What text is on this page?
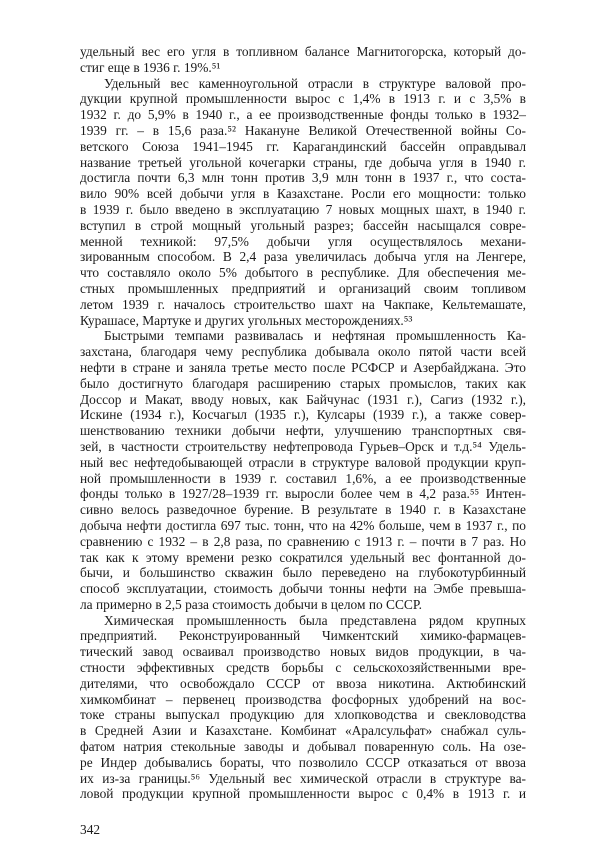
удельный вес его угля в топливном балансе Магнитогорска, который до-
стиг еще в 1936 г. 19%.⁵¹
Удельный вес каменноугольной отрасли в структуре валовой про-
дукции крупной промышленности вырос с 1,4% в 1913 г. и с 3,5% в
1932 г. до 5,9% в 1940 г., а ее производственные фонды только в 1932–
1939 гг. – в 15,6 раза.⁵² Накануне Великой Отечественной войны Со-
ветского Союза 1941–1945 гг. Карагандинский бассейн оправдывал
название третьей угольной кочегарки страны, где добыча угля в 1940 г.
достигла почти 6,3 млн тонн против 3,9 млн тонн в 1937 г., что соста-
вило 90% всей добычи угля в Казахстане. Росли его мощности: только
в 1939 г. было введено в эксплуатацию 7 новых мощных шахт, в 1940 г.
вступил в строй мощный угольный разрез; бассейн насыщался совре-
менной техникой: 97,5% добычи угля осуществлялось механи-
зированным способом. В 2,4 раза увеличилась добыча угля на Ленгере,
что составляло около 5% добытого в республике. Для обеспечения ме-
стных промышленных предприятий и организаций своим топливом
летом 1939 г. началось строительство шахт на Чакпаке, Кельтемашате,
Курашасе, Мартуке и других угольных месторождениях.⁵³
Быстрыми темпами развивалась и нефтяная промышленность Ка-
захстана, благодаря чему республика добывала около пятой части всей
нефти в стране и заняла третье место после РСФСР и Азербайджана. Это
было достигнуто благодаря расширению старых промыслов, таких как
Доссор и Макат, вводу новых, как Байчунас (1931 г.), Сагиз (1932 г.),
Искине (1934 г.), Косчагыл (1935 г.), Кулсары (1939 г.), а также совер-
шенствованию техники добычи нефти, улучшению транспортных свя-
зей, в частности строительству нефтепровода Гурьев–Орск и т.д.⁵⁴ Удель-
ный вес нефтедобывающей отрасли в структуре валовой продукции круп-
ной промышленности в 1939 г. составил 1,6%, а ее производственные
фонды только в 1927/28–1939 гг. выросли более чем в 4,2 раза.⁵⁵ Интен-
сивно велось разведочное бурение. В результате в 1940 г. в Казахстане
добыча нефти достигла 697 тыс. тонн, что на 42% больше, чем в 1937 г., по
сравнению с 1932 – в 2,8 раза, по сравнению с 1913 г. – почти в 7 раз. Но
так как к этому времени резко сократился удельный вес фонтанной до-
бычи, и большинство скважин было переведено на глубокотурбинный
способ эксплуатации, стоимость добычи тонны нефти на Эмбе превыша-
ла примерно в 2,5 раза стоимость добычи в целом по СССР.
Химическая промышленность была представлена рядом крупных
предприятий. Реконструированный Чимкентский химико-фармацев-
тический завод осваивал производство новых видов продукции, в ча-
стности эффективных средств борьбы с сельскохозяйственными вре-
дителями, что освобождало СССР от ввоза никотина. Актюбинский
химкомбинат – первенец производства фосфорных удобрений на вос-
токе страны выпускал продукцию для хлопководства и свекловодства
в Средней Азии и Казахстане. Комбинат «Аралсульфат» снабжал суль-
фатом натрия стекольные заводы и добывал поваренную соль. На озе-
ре Индер добывались бораты, что позволило СССР отказаться от ввоза
их из-за границы.⁵⁶ Удельный вес химической отрасли в структуре ва-
ловой продукции крупной промышленности вырос с 0,4% в 1913 г. и
342
